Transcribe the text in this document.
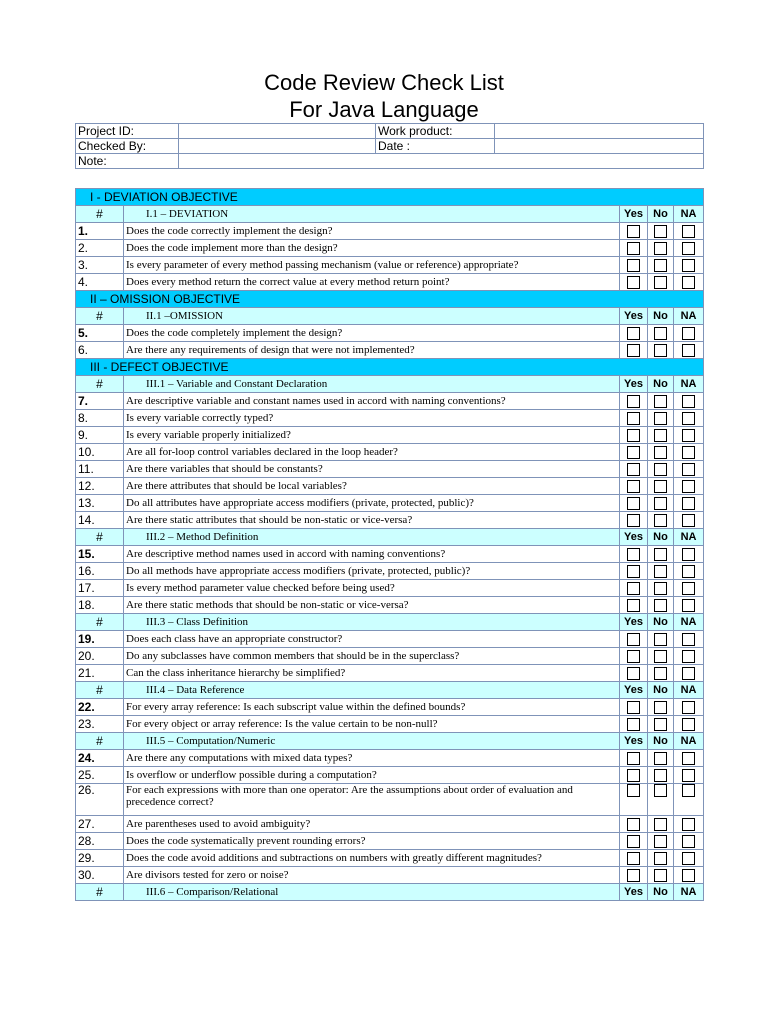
Code Review Check List
For Java Language
Project ID:		Work product:	
Checked By:		Date :	
Note:			
I - DEVIATION OBJECTIVE				
#	I.1 – DEVIATION	Yes	No	NA
1.	Does the code correctly implement the design?			
2.	Does the code implement more than the design?			
3.	Is every parameter of every method passing mechanism (value or reference) appropriate?			
4.	Does every method return the correct value at every method return point?			
II – OMISSION OBJECTIVE				
#	II.1 –OMISSION	Yes	No	NA
5.	Does the code completely implement the design?			
6.	Are there any requirements of design that were not implemented?			
III - DEFECT OBJECTIVE				
#	III.1 – Variable and Constant Declaration	Yes	No	NA
7.	Are descriptive variable and constant names used in accord with naming conventions?			
8.	Is every variable correctly typed?			
9.	Is every variable properly initialized?			
10.	Are all for-loop control variables declared in the loop header?			
11.	Are there variables that should be constants?			
12.	Are there attributes that should be local variables?			
13.	Do all attributes have appropriate access modifiers (private, protected, public)?			
14.	Are there static attributes that should be non-static or vice-versa?			
#	III.2 – Method Definition	Yes	No	NA
15.	Are descriptive method names used in accord with naming conventions?			
16.	Do all methods have appropriate access modifiers (private, protected, public)?			
17.	Is every method parameter value checked before being used?			
18.	Are there static methods that should be non-static or vice-versa?			
#	III.3 – Class Definition	Yes	No	NA
19.	Does each class have an appropriate constructor?			
20.	Do any subclasses have common members that should be in the superclass?			
21.	Can the class inheritance hierarchy be simplified?			
#	III.4 – Data Reference	Yes	No	NA
22.	For every array reference: Is each subscript value within the defined bounds?			
23.	For every object or array reference: Is the value certain to be non-null?			
#	III.5 – Computation/Numeric	Yes	No	NA
24.	Are there any computations with mixed data types?			
25.	Is overflow or underflow possible during a computation?			
26.	For each expressions with more than one operator: Are the assumptions about order of evaluation and precedence correct?			
27.	Are parentheses used to avoid ambiguity?			
28.	Does the code systematically prevent rounding errors?			
29.	Does the code avoid additions and subtractions on numbers with greatly different magnitudes?			
30.	Are divisors tested for zero or noise?			
#	III.6 – Comparison/Relational	Yes	No	NA
